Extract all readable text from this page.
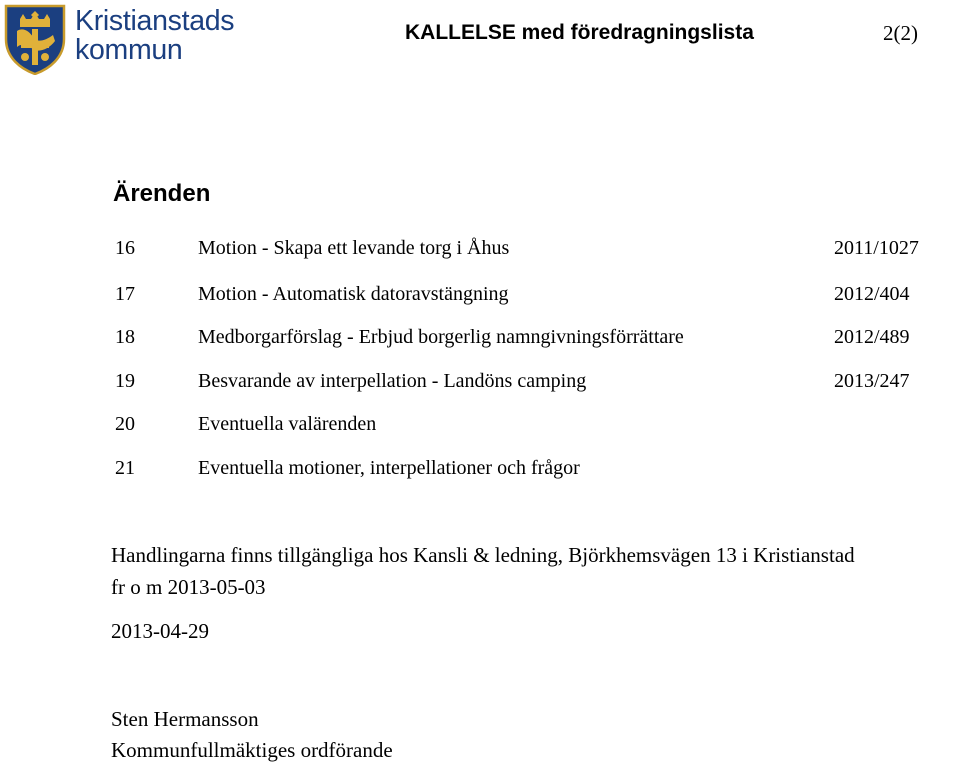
Kristianstads
kommun
KALLELSE med föredragningslista	2(2)
Ärenden
16	Motion - Skapa ett levande torg i Åhus	2011/1027
17	Motion - Automatisk datoravstängning	2012/404
18	Medborgarförslag - Erbjud borgerlig namngivningsförrättare	2012/489
19	Besvarande av interpellation - Landöns camping	2013/247
20	Eventuella valärenden
21	Eventuella motioner, interpellationer och frågor
Handlingarna finns tillgängliga hos Kansli & ledning, Björkhemsvägen 13 i Kristianstad
fr o m 2013-05-03
2013-04-29
Sten Hermansson
Kommunfullmäktiges ordförande
